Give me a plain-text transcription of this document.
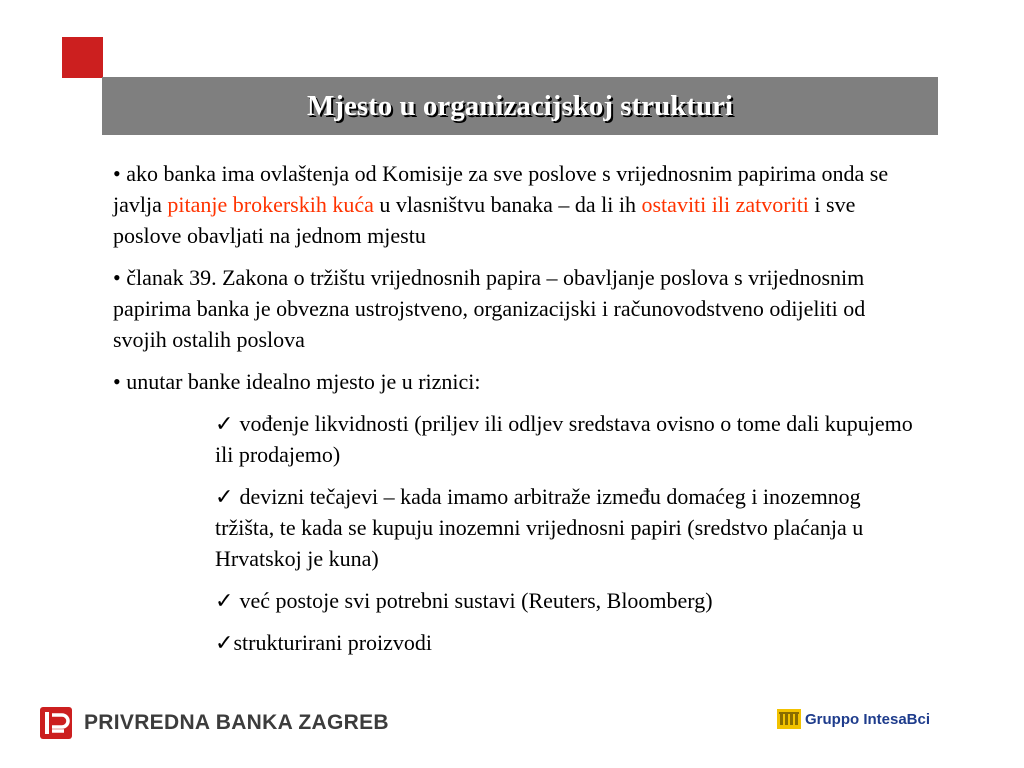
Mjesto u organizacijskoj strukturi
• ako banka ima ovlaštenja od Komisije za sve poslove s vrijednosnim papirima onda se javlja pitanje brokerskih kuća u vlasništvu banaka – da li ih ostaviti ili zatvoriti i sve poslove obavljati na jednom mjestu
• članak 39. Zakona o tržištu vrijednosnih papira – obavljanje poslova s vrijednosnim papirima banka je obvezna ustrojstveno, organizacijski i računovodstveno odijeliti od svojih ostalih poslova
• unutar banke idealno mjesto je u riznici:
✓ vođenje likvidnosti (priljev ili odljev sredstava ovisno o tome dali kupujemo ili prodajemo)
✓ devizni tečajevi – kada imamo arbitraže između domaćeg i inozemnog tržišta, te kada se kupuju inozemni vrijednosni papiri (sredstvo plaćanja u Hrvatskoj je kuna)
✓ već postoje svi potrebni sustavi (Reuters, Bloomberg)
✓strukturirani proizvodi
PRIVREDNA BANKA ZAGREB	Gruppo IntesaBci
